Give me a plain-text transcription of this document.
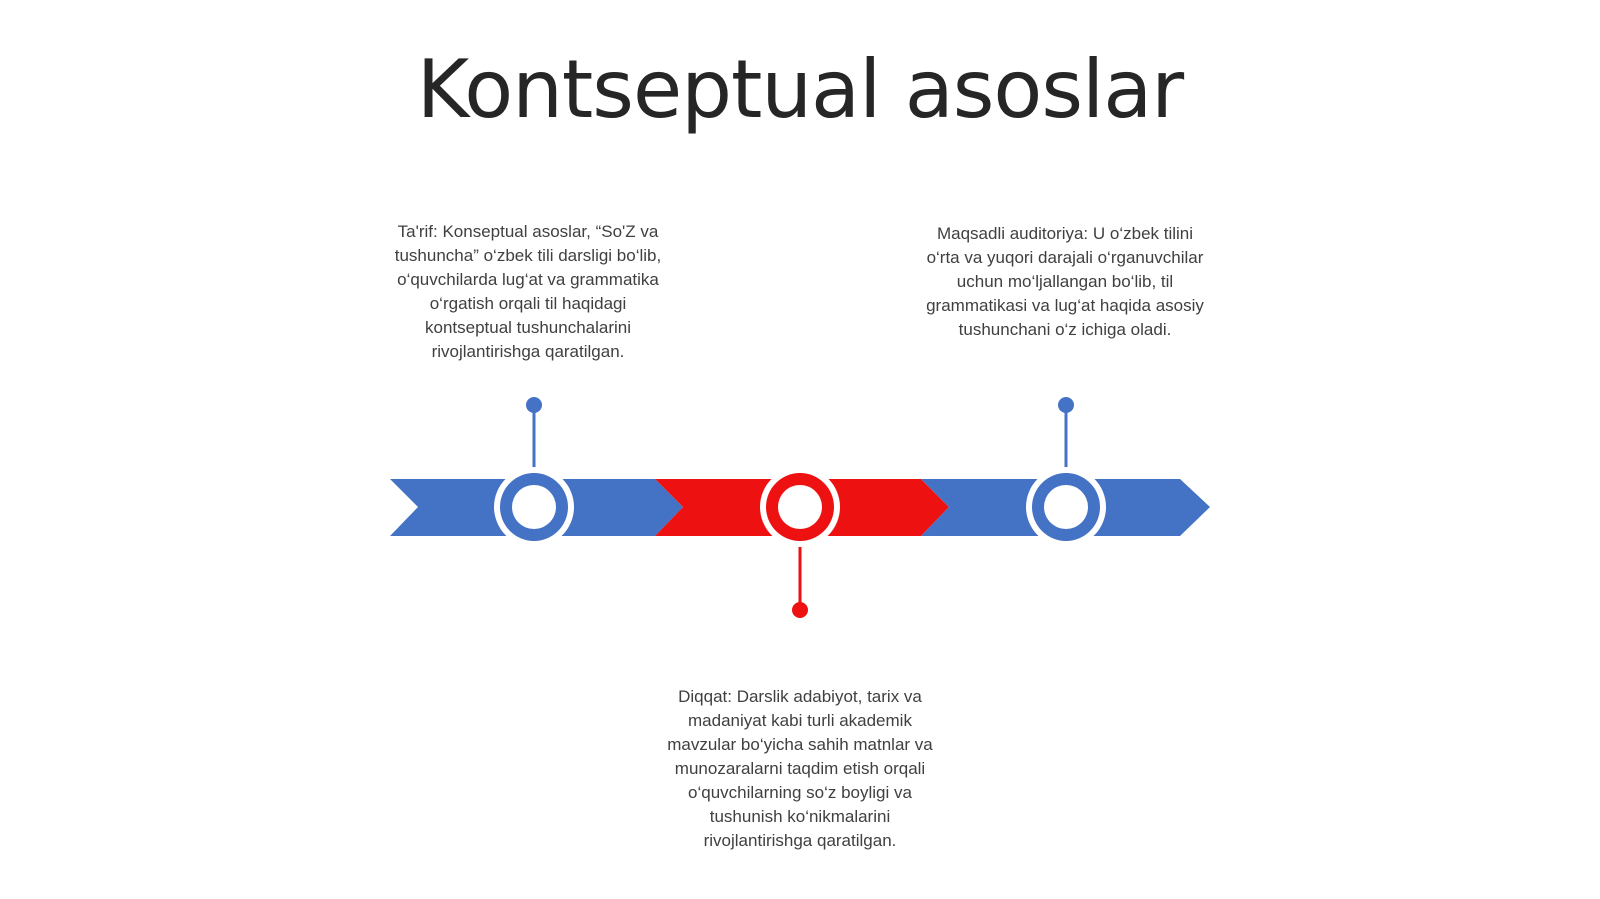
Kontseptual asoslar
Ta'rif: Konseptual asoslar, “So'Z va tushuncha” o‘zbek tili darsligi bo‘lib, o‘quvchilarda lug‘at va grammatika o‘rgatish orqali til haqidagi kontseptual tushunchalarini rivojlantirishga qaratilgan.
Diqqat: Darslik adabiyot, tarix va madaniyat kabi turli akademik mavzular bo‘yicha sahih matnlar va munozaralarni taqdim etish orqali o‘quvchilarning so‘z boyligi va tushunish ko‘nikmalarini rivojlantirishga qaratilgan.
Maqsadli auditoriya: U o‘zbek tilini o‘rta va yuqori darajali o‘rganuvchilar uchun mo‘ljallangan bo‘lib, til grammatikasi va lug‘at haqida asosiy tushunchani o‘z ichiga oladi.
